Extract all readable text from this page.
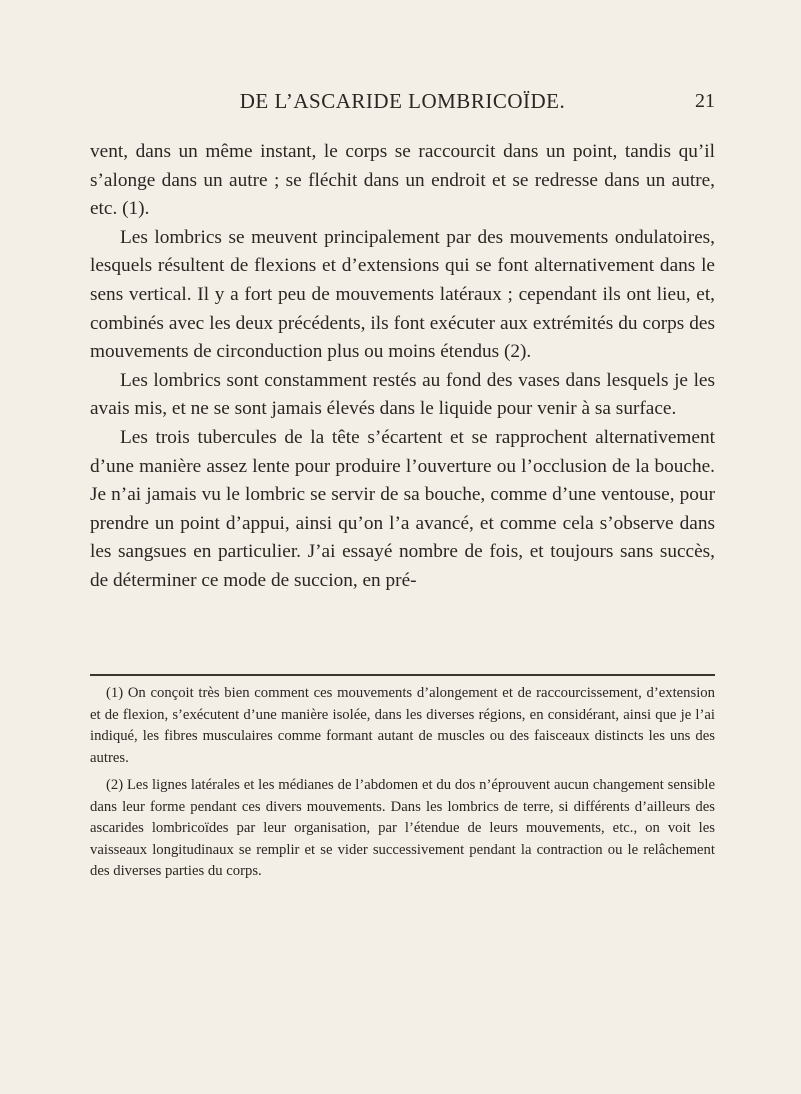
DE L’ASCARIDE LOMBRICOÏDE.	21

vent, dans un même instant, le corps se raccourcit dans un point, tandis qu’il s’alonge dans un autre ; se fléchit dans un endroit et se redresse dans un autre, etc. (1).

Les lombrics se meuvent principalement par des mouvements ondulatoires, lesquels résultent de flexions et d’extensions qui se font alternativement dans le sens vertical. Il y a fort peu de mouvements latéraux ; cependant ils ont lieu, et, combinés avec les deux précédents, ils font exécuter aux extrémités du corps des mouvements de circonduction plus ou moins étendus (2).

Les lombrics sont constamment restés au fond des vases dans lesquels je les avais mis, et ne se sont jamais élevés dans le liquide pour venir à sa surface.

Les trois tubercules de la tête s’écartent et se rapprochent alternativement d’une manière assez lente pour produire l’ouverture ou l’occlusion de la bouche. Je n’ai jamais vu le lombric se servir de sa bouche, comme d’une ventouse, pour prendre un point d’appui, ainsi qu’on l’a avancé, et comme cela s’observe dans les sangsues en particulier. J’ai essayé nombre de fois, et toujours sans succès, de déterminer ce mode de succion, en pré-

(1) On conçoit très bien comment ces mouvements d’alongement et de raccourcissement, d’extension et de flexion, s’exécutent d’une manière isolée, dans les diverses régions, en considérant, ainsi que je l’ai indiqué, les fibres musculaires comme formant autant de muscles ou des faisceaux distincts les uns des autres.

(2) Les lignes latérales et les médianes de l’abdomen et du dos n’éprouvent aucun changement sensible dans leur forme pendant ces divers mouvements. Dans les lombrics de terre, si différents d’ailleurs des ascarides lombricoïdes par leur organisation, par l’étendue de leurs mouvements, etc., on voit les vaisseaux longitudinaux se remplir et se vider successivement pendant la contraction ou le relâchement des diverses parties du corps.
